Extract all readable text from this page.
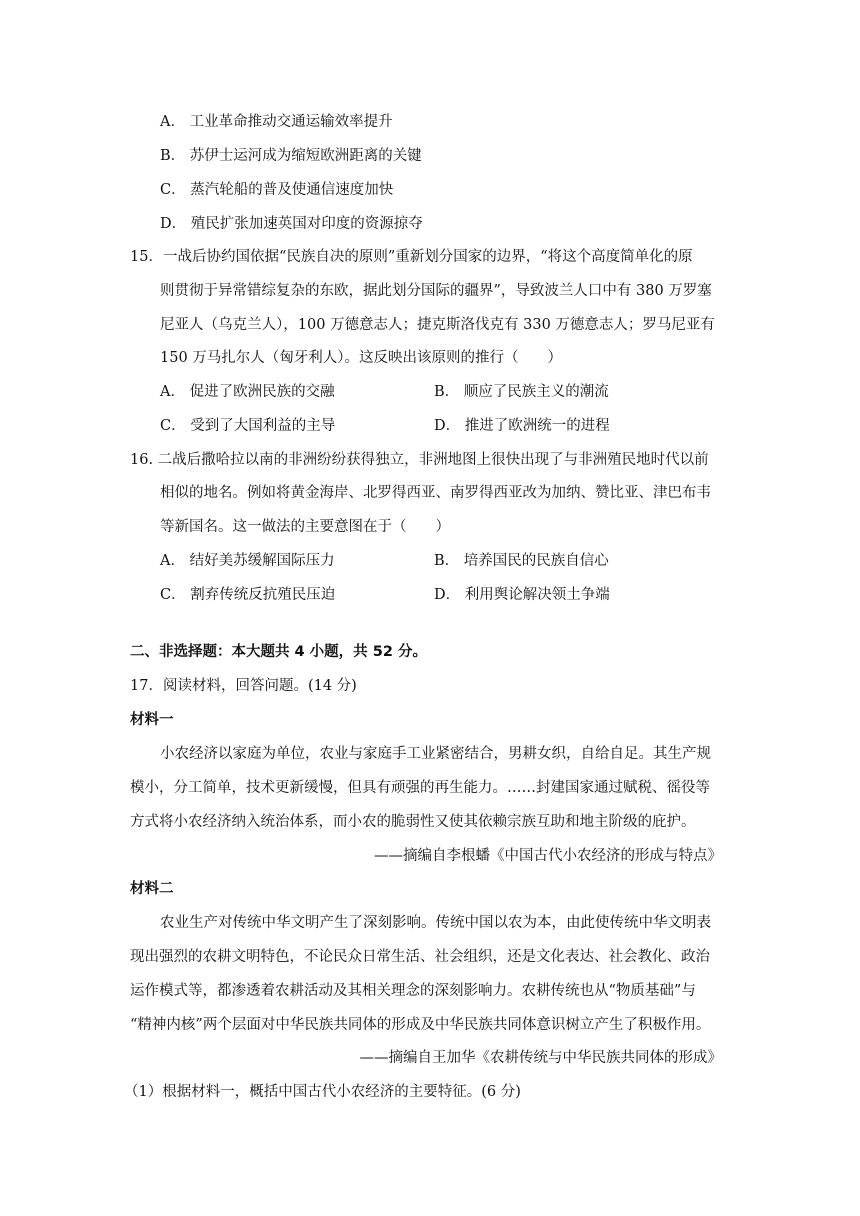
A． 工业革命推动交通运输效率提升
B． 苏伊士运河成为缩短欧洲距离的关键
C． 蒸汽轮船的普及使通信速度加快
D． 殖民扩张加速英国对印度的资源掠夺
15．一战后协约国依据“民族自决的原则”重新划分国家的边界，“将这个高度简单化的原
则贯彻于异常错综复杂的东欧，据此划分国际的疆界”，导致波兰人口中有 380 万罗塞
尼亚人（乌克兰人），100 万德意志人；捷克斯洛伐克有 330 万德意志人；罗马尼亚有
150 万马扎尔人（匈牙利人）。这反映出该原则的推行（　　）
A． 促进了欧洲民族的交融	B． 顺应了民族主义的潮流
C． 受到了大国利益的主导	D． 推进了欧洲统一的进程
16. 二战后撒哈拉以南的非洲纷纷获得独立，非洲地图上很快出现了与非洲殖民地时代以前
相似的地名。例如将黄金海岸、北罗得西亚、南罗得西亚改为加纳、赞比亚、津巴布韦
等新国名。这一做法的主要意图在于（　　）
A． 结好美苏缓解国际压力	B． 培养国民的民族自信心
C． 割弃传统反抗殖民压迫	D． 利用舆论解决领土争端
二、非选择题：本大题共 4 小题，共 52 分。
17．阅读材料，回答问题。(14 分)
材料一
小农经济以家庭为单位，农业与家庭手工业紧密结合，男耕女织，自给自足。其生产规
模小，分工简单，技术更新缓慢，但具有顽强的再生能力。……封建国家通过赋税、徭役等
方式将小农经济纳入统治体系，而小农的脆弱性又使其依赖宗族互助和地主阶级的庇护。
——摘编自李根蟠《中国古代小农经济的形成与特点》
材料二
农业生产对传统中华文明产生了深刻影响。传统中国以农为本，由此使传统中华文明表
现出强烈的农耕文明特色，不论民众日常生活、社会组织，还是文化表达、社会教化、政治
运作模式等，都渗透着农耕活动及其相关理念的深刻影响力。农耕传统也从“物质基础”与
“精神内核”两个层面对中华民族共同体的形成及中华民族共同体意识树立产生了积极作用。
——摘编自王加华《农耕传统与中华民族共同体的形成》
（1）根据材料一，概括中国古代小农经济的主要特征。(6 分)
